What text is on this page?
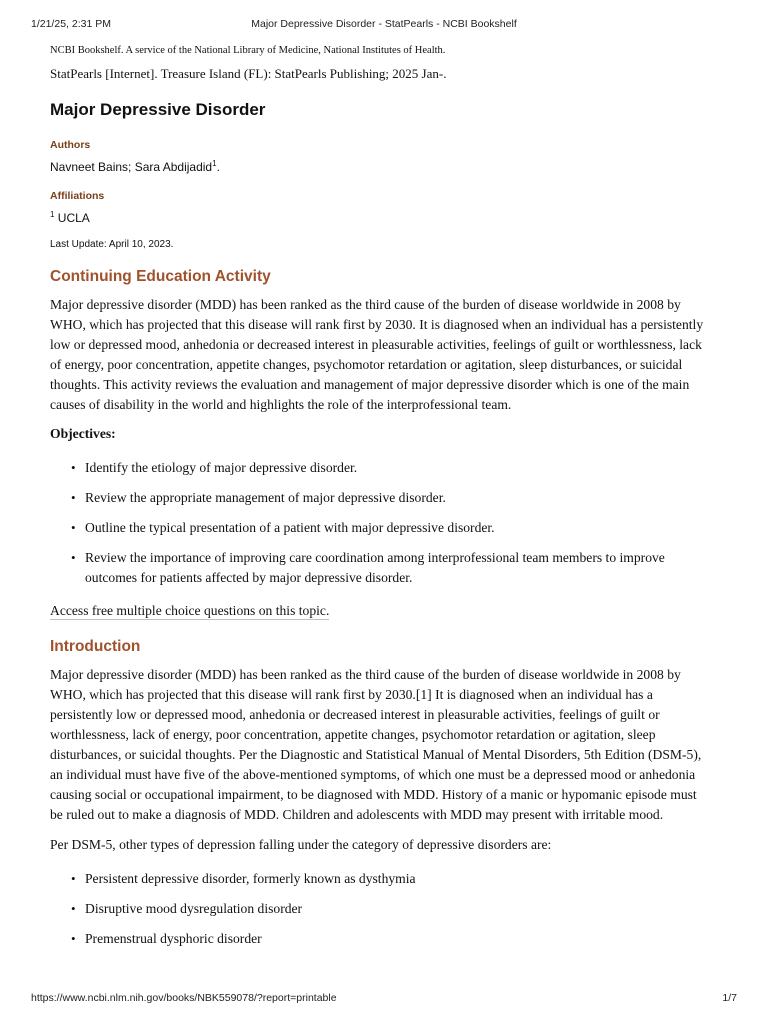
1/21/25, 2:31 PM	Major Depressive Disorder - StatPearls - NCBI Bookshelf

NCBI Bookshelf. A service of the National Library of Medicine, National Institutes of Health.

StatPearls [Internet]. Treasure Island (FL): StatPearls Publishing; 2025 Jan-.

Major Depressive Disorder

Authors

Navneet Bains; Sara Abdijadid$^1$.

Affiliations

$^1$ UCLA

Last Update: April 10, 2023.

Continuing Education Activity

Major depressive disorder (MDD) has been ranked as the third cause of the burden of disease worldwide in 2008 by WHO, which has projected that this disease will rank first by 2030. It is diagnosed when an individual has a persistently low or depressed mood, anhedonia or decreased interest in pleasurable activities, feelings of guilt or worthlessness, lack of energy, poor concentration, appetite changes, psychomotor retardation or agitation, sleep disturbances, or suicidal thoughts. This activity reviews the evaluation and management of major depressive disorder which is one of the main causes of disability in the world and highlights the role of the interprofessional team.

Objectives:

• Identify the etiology of major depressive disorder.
• Review the appropriate management of major depressive disorder.
• Outline the typical presentation of a patient with major depressive disorder.
• Review the importance of improving care coordination among interprofessional team members to improve outcomes for patients affected by major depressive disorder.
Access free multiple choice questions on this topic.
Introduction

Major depressive disorder (MDD) has been ranked as the third cause of the burden of disease worldwide in 2008 by WHO, which has projected that this disease will rank first by 2030.[1] It is diagnosed when an individual has a persistently low or depressed mood, anhedonia or decreased interest in pleasurable activities, feelings of guilt or worthlessness, lack of energy, poor concentration, appetite changes, psychomotor retardation or agitation, sleep disturbances, or suicidal thoughts. Per the Diagnostic and Statistical Manual of Mental Disorders, 5th Edition (DSM-5), an individual must have five of the above-mentioned symptoms, of which one must be a depressed mood or anhedonia causing social or occupational impairment, to be diagnosed with MDD. History of a manic or hypomanic episode must be ruled out to make a diagnosis of MDD. Children and adolescents with MDD may present with irritable mood.

Per DSM-5, other types of depression falling under the category of depressive disorders are:

• Persistent depressive disorder, formerly known as dysthymia
• Disruptive mood dysregulation disorder
• Premenstrual dysphoric disorder
https://www.ncbi.nlm.nih.gov/books/NBK559078/?report=printable	1/7
